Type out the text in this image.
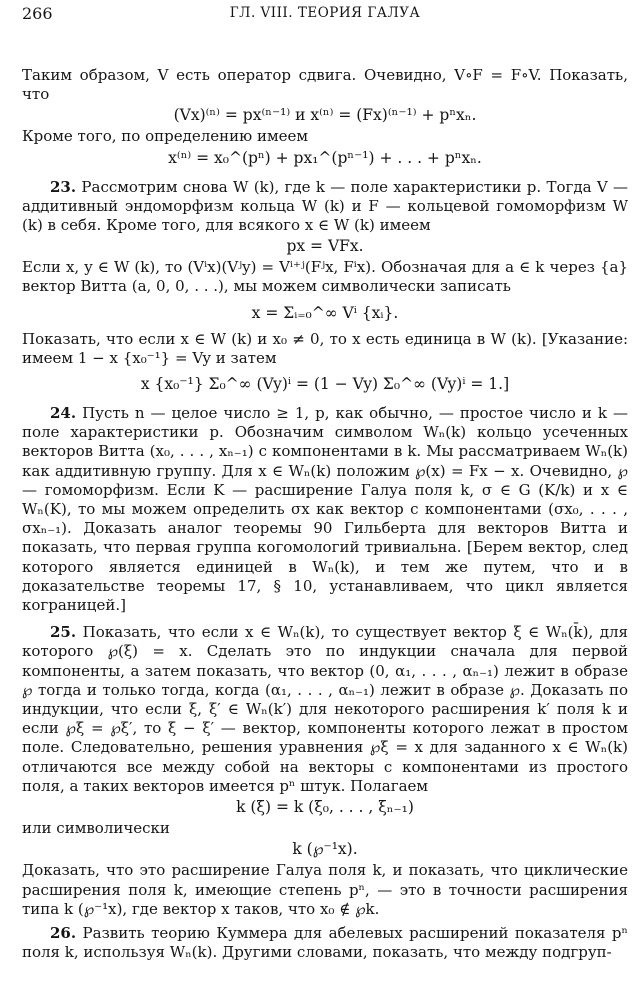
266	ГЛ. VIII. ТЕОРИЯ ГАЛУА

Таким образом, V есть оператор сдвига. Очевидно, V∘F = F∘V. Показать, что

(Vx)⁽ⁿ⁾ = px⁽ⁿ⁻¹⁾ и x⁽ⁿ⁾ = (Fx)⁽ⁿ⁻¹⁾ + pⁿxₙ.

Кроме того, по определению имеем

x⁽ⁿ⁾ = x₀^(pⁿ) + px₁^(pⁿ⁻¹) + . . . + pⁿxₙ.

23. Рассмотрим снова W (k), где k — поле характеристики p. Тогда V — аддитивный эндоморфизм кольца W (k) и F — кольцевой гомоморфизм W (k) в себя. Кроме того, для всякого x ∈ W (k) имеем

px = VFx.

Если x, y ∈ W (k), то (Vⁱx)(Vʲy) = Vⁱ⁺ʲ(Fʲx, Fⁱx). Обозначая для a ∈ k через {a} вектор Витта (a, 0, 0, . . .), мы можем символически записать

x = Σᵢ₌₀^∞ Vⁱ {xᵢ}.

Показать, что если x ∈ W (k) и x₀ ≠ 0, то x есть единица в W (k). [Указание: имеем 1 − x {x₀⁻¹} = Vy и затем

x {x₀⁻¹} Σ₀^∞ (Vy)ⁱ = (1 − Vy) Σ₀^∞ (Vy)ⁱ = 1.]

24. Пусть n — целое число ≥ 1, p, как обычно, — простое число и k — поле характеристики p. Обозначим символом Wₙ(k) кольцо усеченных векторов Витта (x₀, . . . , xₙ₋₁) с компонентами в k. Мы рассматриваем Wₙ(k) как аддитивную группу. Для x ∈ Wₙ(k) положим ℘(x) = Fx − x. Очевидно, ℘ — гомоморфизм. Если K — расширение Галуа поля k, σ ∈ G (K/k) и x ∈ Wₙ(K), то мы можем определить σx как вектор с компонентами (σx₀, . . . , σxₙ₋₁). Доказать аналог теоремы 90 Гильберта для векторов Витта и показать, что первая группа когомологий тривиальна. [Берем вектор, след которого является единицей в Wₙ(k), и тем же путем, что и в доказательстве теоремы 17, § 10, устанавливаем, что цикл является кограницей.]

25. Показать, что если x ∈ Wₙ(k), то существует вектор ξ ∈ Wₙ(k̄), для которого ℘(ξ) = x. Сделать это по индукции сначала для первой компоненты, а затем показать, что вектор (0, α₁, . . . , αₙ₋₁) лежит в образе ℘ тогда и только тогда, когда (α₁, . . . , αₙ₋₁) лежит в образе ℘. Доказать по индукции, что если ξ, ξ′ ∈ Wₙ(k′) для некоторого расширения k′ поля k и если ℘ξ = ℘ξ′, то ξ − ξ′ — вектор, компоненты которого лежат в простом поле. Следовательно, решения уравнения ℘ξ = x для заданного x ∈ Wₙ(k) отличаются все между собой на векторы с компонентами из простого поля, а таких векторов имеется pⁿ штук. Полагаем

k (ξ) = k (ξ₀, . . . , ξₙ₋₁)

или символически

k (℘⁻¹x).

Доказать, что это расширение Галуа поля k, и показать, что циклические расширения поля k, имеющие степень pⁿ, — это в точности расширения типа k (℘⁻¹x), где вектор x таков, что x₀ ∉ ℘k.

26. Развить теорию Куммера для абелевых расширений показателя pⁿ поля k, используя Wₙ(k). Другими словами, показать, что между подгруп-
